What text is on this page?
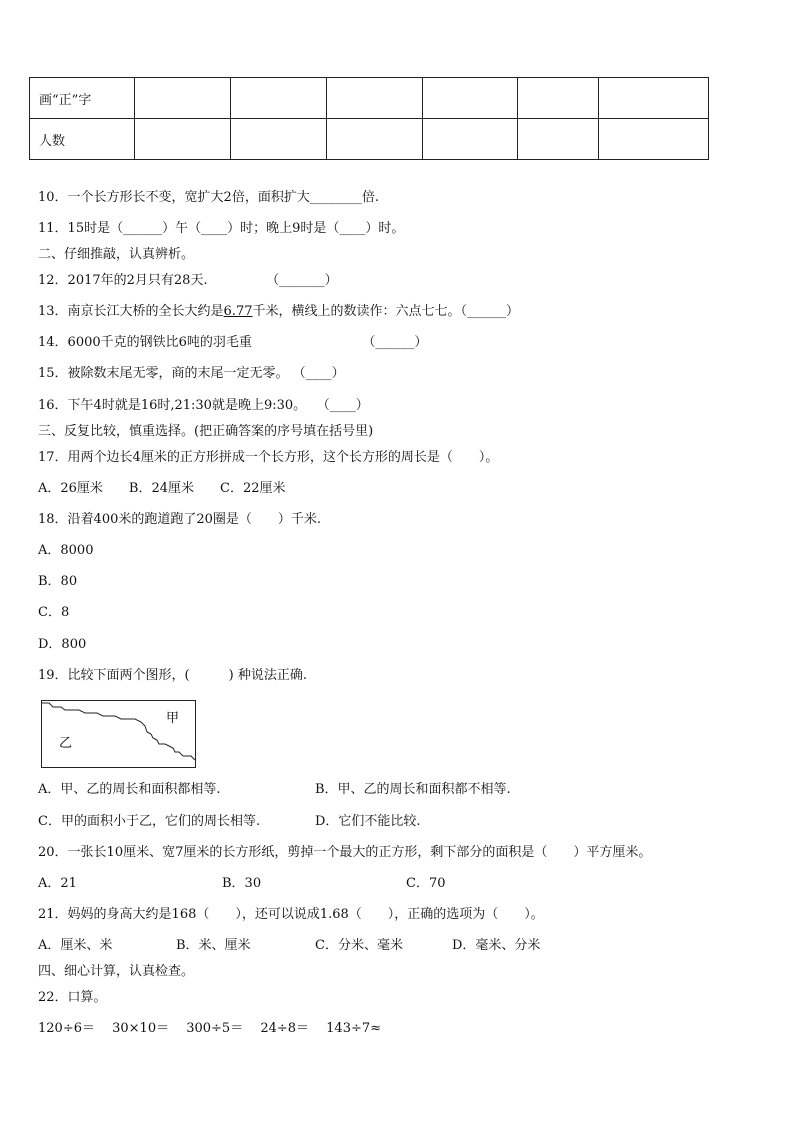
画“正”字						
人数						
10．一个长方形长不变，宽扩大2倍，面积扩大________倍.
11．15时是（______）午（____）时；晚上9时是（____）时。
二、仔细推敲，认真辨析。
12．2017年的2月只有28天.　　　　　（_______）
13．南京长江大桥的全长大约是6.77千米，横线上的数读作：六点七七。（______）
14．6000千克的钢铁比6吨的羽毛重　　　　　　　　　（______）
15．被除数末尾无零，商的末尾一定无零。 （____）
16．下午4时就是16时,21:30就是晚上9:30。　 （____）
三、反复比较，慎重选择。(把正确答案的序号填在括号里)
17．用两个边长4厘米的正方形拼成一个长方形，这个长方形的周长是（　　）。
A．26厘米　　B．24厘米　　C．22厘米
18．沿着400米的跑道跑了20圈是（　　）千米.
A．8000
B．80
C．8
D．800
19．比较下面两个图形，(　　　) 种说法正确.
甲
乙
A．甲、乙的周长和面积都相等.	B．甲、乙的周长和面积都不相等.
C．甲的面积小于乙，它们的周长相等.	D．它们不能比较.
20．一张长10厘米、宽7厘米的长方形纸，剪掉一个最大的正方形，剩下部分的面积是（　　）平方厘米。
A．21	B．30	C．70
21．妈妈的身高大约是168（　　），还可以说成1.68（　　），正确的选项为（　　）。
A．厘米、米	B．米、厘米	C．分米、毫米	D．毫米、分米
四、细心计算，认真检查。
22．口算。
120÷6＝　 30×10＝　 300÷5＝　 24÷8＝　 143÷7≈
